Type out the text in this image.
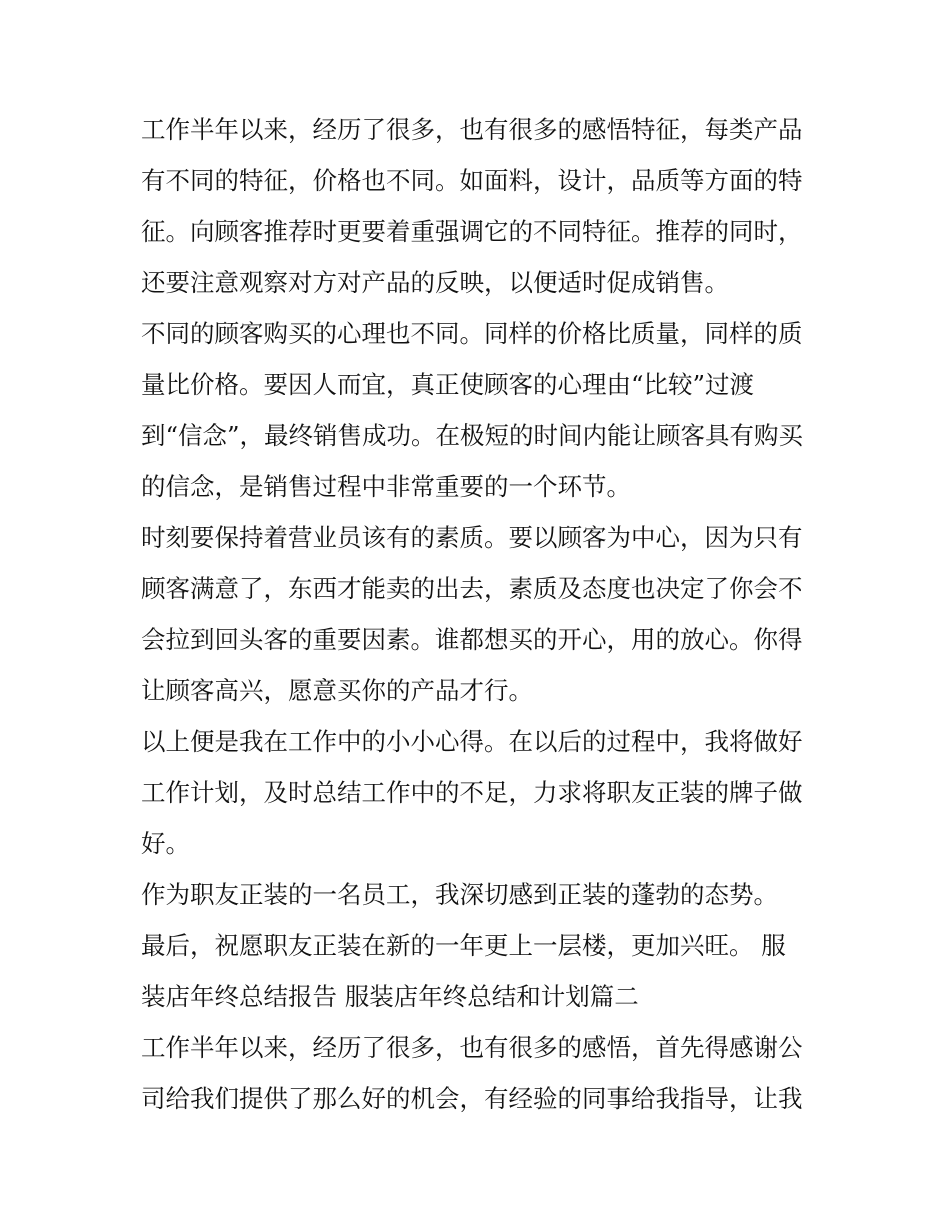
工作半年以来，经历了很多，也有很多的感悟特征，每类产品
有不同的特征，价格也不同。如面料，设计，品质等方面的特
征。向顾客推荐时更要着重强调它的不同特征。推荐的同时，
还要注意观察对方对产品的反映，以便适时促成销售。
不同的顾客购买的心理也不同。同样的价格比质量，同样的质
量比价格。要因人而宜，真正使顾客的心理由“比较”过渡
到“信念”，最终销售成功。在极短的时间内能让顾客具有购买
的信念，是销售过程中非常重要的一个环节。
时刻要保持着营业员该有的素质。要以顾客为中心，因为只有
顾客满意了，东西才能卖的出去，素质及态度也决定了你会不
会拉到回头客的重要因素。谁都想买的开心，用的放心。你得
让顾客高兴，愿意买你的产品才行。
以上便是我在工作中的小小心得。在以后的过程中，我将做好
工作计划，及时总结工作中的不足，力求将职友正装的牌子做
好。
作为职友正装的一名员工，我深切感到正装的蓬勃的态势。
最后，祝愿职友正装在新的一年更上一层楼，更加兴旺。 服
装店年终总结报告 服装店年终总结和计划篇二
工作半年以来，经历了很多，也有很多的感悟，首先得感谢公
司给我们提供了那么好的机会，有经验的同事给我指导，让我
